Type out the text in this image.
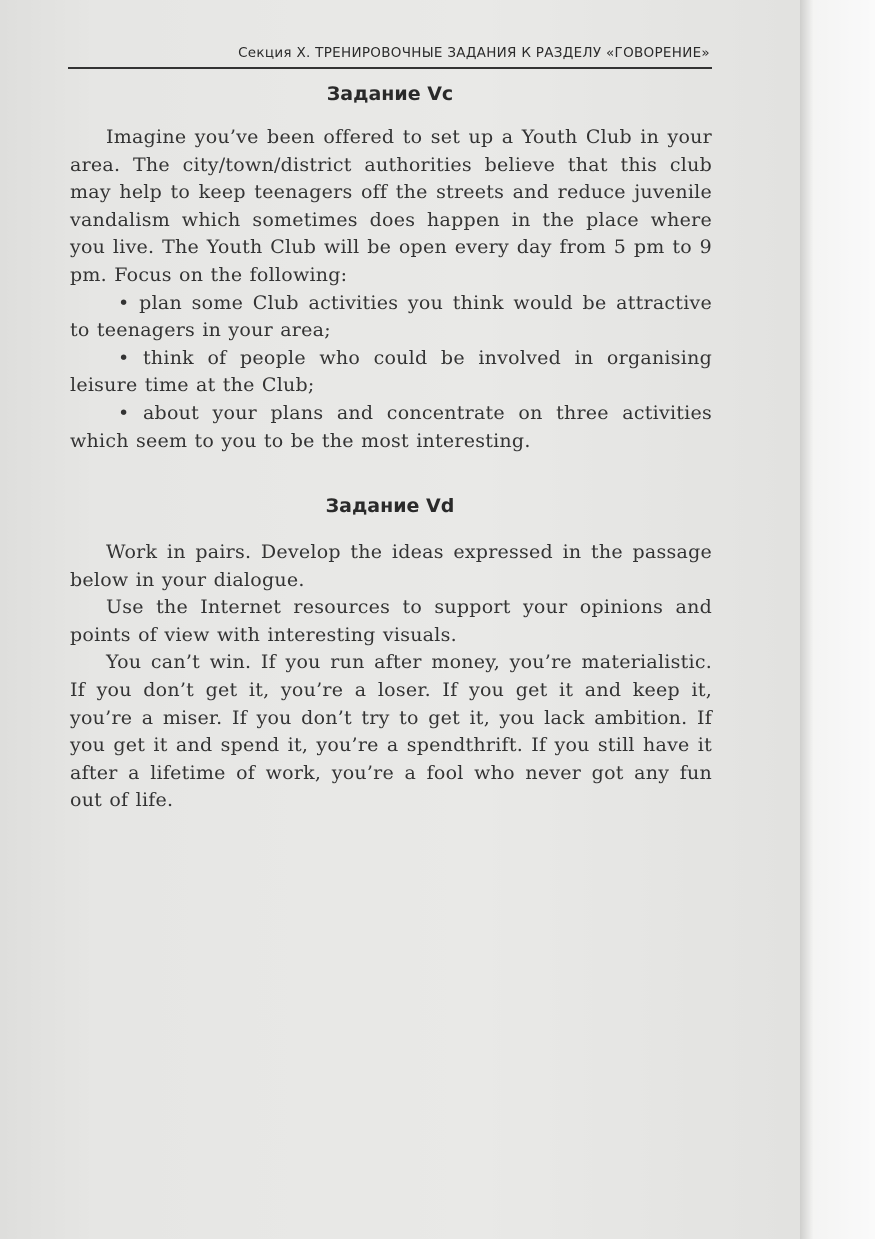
Секция X. ТРЕНИРОВОЧНЫЕ ЗАДАНИЯ К РАЗДЕЛУ «ГОВОРЕНИЕ»
Задание Vc

Imagine you’ve been offered to set up a Youth Club in your area. The city/town/district authorities believe that this club may help to keep teenagers off the streets and reduce juvenile vandalism which sometimes does happen in the place where you live. The Youth Club will be open every day from 5 pm to 9 pm. Focus on the following:

• plan some Club activities you think would be attractive to teenagers in your area;

• think of people who could be involved in organising leisure time at the Club;

• about your plans and concentrate on three activities which seem to you to be the most interesting.

Задание Vd

Work in pairs. Develop the ideas expressed in the passage below in your dialogue.

Use the Internet resources to support your opinions and points of view with interesting visuals.

You can’t win. If you run after money, you’re materialistic. If you don’t get it, you’re a loser. If you get it and keep it, you’re a miser. If you don’t try to get it, you lack ambition. If you get it and spend it, you’re a spendthrift. If you still have it after a lifetime of work, you’re a fool who never got any fun out of life.
